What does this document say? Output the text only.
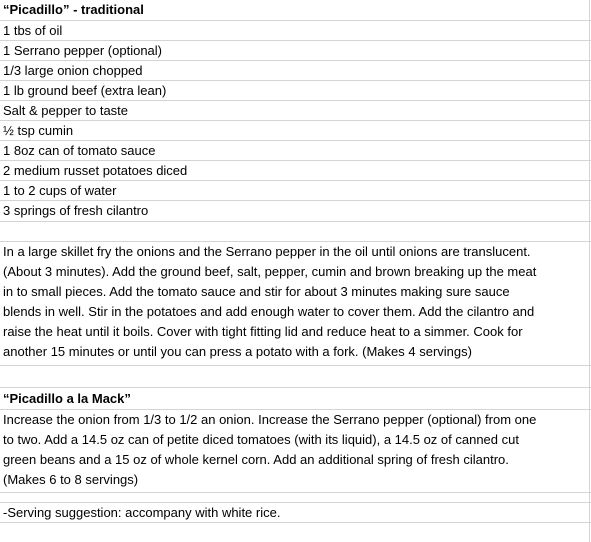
“Picadillo” - traditional
1 tbs of oil
1 Serrano pepper (optional)
1/3 large onion chopped
1 lb ground beef (extra lean)
Salt & pepper to taste
½ tsp cumin
1 8oz can of tomato sauce
2 medium russet potatoes diced
1 to 2 cups of water
3 springs of fresh cilantro
In a large skillet fry the onions and the Serrano pepper in the oil until onions are translucent.
(About 3 minutes). Add the ground beef, salt, pepper, cumin and brown breaking up the meat
in to small pieces. Add the tomato sauce and stir for about 3 minutes making sure sauce
blends in well. Stir in the potatoes and add enough water to cover them. Add the cilantro and
raise the heat until it boils. Cover with tight fitting lid and reduce heat to a simmer. Cook for
another 15 minutes or until you can press a potato with a fork. (Makes 4 servings)
“Picadillo a la Mack”
Increase the onion from 1/3 to 1/2 an onion. Increase the Serrano pepper (optional) from one
to two. Add a 14.5 oz can of petite diced tomatoes (with its liquid), a 14.5 oz of canned cut
green beans and a 15 oz of whole kernel corn. Add an additional spring of fresh cilantro.
(Makes 6 to 8 servings)
-Serving suggestion: accompany with white rice.
